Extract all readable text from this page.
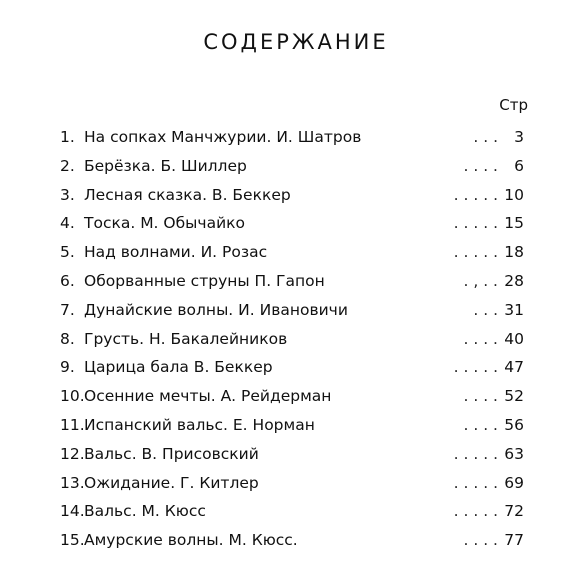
СОДЕРЖАНИЕ
Стр
1. На сопках Манчжурии. И. Шатров	. . .	3
2. Берёзка. Б. Шиллер	. . . .	6
3. Лесная сказка. В. Беккер	. . . . . 10
4. Тоска. М. Обычайко	. . . . . 15
5. Над волнами. И. Розас	. . . . . 18
6. Оборванные струны П. Гапон	. , . . 28
7. Дунайские волны. И. Ивановичи	. . . 31
8. Грусть. Н. Бакалейников	. . . . 40
9. Царица бала В. Беккер	. . . . . 47
10.Осенние мечты. А. Рейдерман	. . . . 52
11.Испанский вальс. Е. Норман	. . . . 56
12.Вальс. В. Присовский	. . . . . 63
13.Ожидание. Г. Китлер	. . . . . 69
14.Вальс. М. Кюсс	. . . . . 72
15.Амурские волны. М. Кюсс.	. . . . 77
